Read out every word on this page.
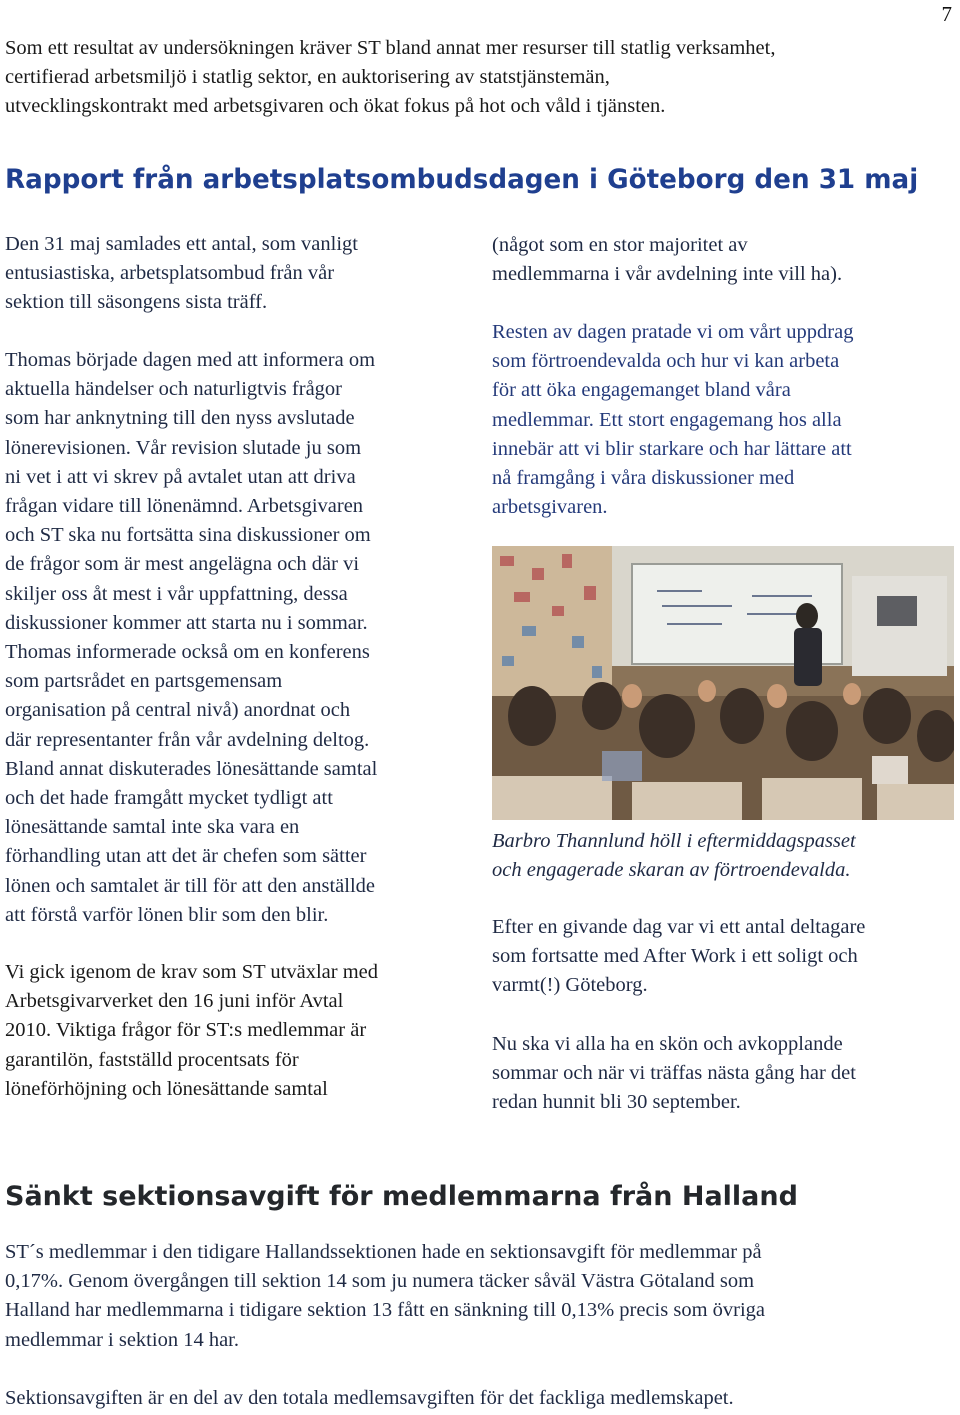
7

Som ett resultat av undersökningen kräver ST bland annat mer resurser till statlig verksamhet,
certifierad arbetsmiljö i statlig sektor, en auktorisering av statstjänstemän,
utvecklingskontrakt med arbetsgivaren och ökat fokus på hot och våld i tjänsten.

Rapport från arbetsplatsombudsdagen i Göteborg den 31 maj

Den 31 maj samlades ett antal, som vanligt
entusiastiska, arbetsplatsombud från vår
sektion till säsongens sista träff.

Thomas började dagen med att informera om
aktuella händelser och naturligtvis frågor
som har anknytning till den nyss avslutade
lönerevisionen. Vår revision slutade ju som
ni vet i att vi skrev på avtalet utan att driva
frågan vidare till lönenämnd. Arbetsgivaren
och ST ska nu fortsätta sina diskussioner om
de frågor som är mest angelägna och där vi
skiljer oss åt mest i vår uppfattning, dessa
diskussioner kommer att starta nu i sommar.
Thomas informerade också om en konferens
som partsrådet en partsgemensam
organisation på central nivå) anordnat och
där representanter från vår avdelning deltog.
Bland annat diskuterades lönesättande samtal
och det hade framgått mycket tydligt att
lönesättande samtal inte ska vara en
förhandling utan att det är chefen som sätter
lönen och samtalet är till för att den anställde
att förstå varför lönen blir som den blir.

Vi gick igenom de krav som ST utväxlar med
Arbetsgivarverket den 16 juni inför Avtal
2010. Viktiga frågor för ST:s medlemmar är
garantilön, fastställd procentsats för
löneförhöjning och lönesättande samtal

(något som en stor majoritet av
medlemmarna i vår avdelning inte vill ha).

Resten av dagen pratade vi om vårt uppdrag
som förtroendevalda och hur vi kan arbeta
för att öka engagemanget bland våra
medlemmar. Ett stort engagemang hos alla
innebär att vi blir starkare och har lättare att
nå framgång i våra diskussioner med
arbetsgivaren.

Barbro Thannlund höll i eftermiddagspasset
och engagerade skaran av förtroendevalda.

Efter en givande dag var vi ett antal deltagare
som fortsatte med After Work i ett soligt och
varmt(!) Göteborg.

Nu ska vi alla ha en skön och avkopplande
sommar och när vi träffas nästa gång har det
redan hunnit bli 30 september.

Sänkt sektionsavgift för medlemmarna från Halland

ST´s medlemmar i den tidigare Hallandssektionen hade en sektionsavgift för medlemmar på
0,17%. Genom övergången till sektion 14 som ju numera täcker såväl Västra Götaland som
Halland har medlemmarna i tidigare sektion 13 fått en sänkning till 0,13% precis som övriga
medlemmar i sektion 14 har.

Sektionsavgiften är en del av den totala medlemsavgiften för det fackliga medlemskapet.
